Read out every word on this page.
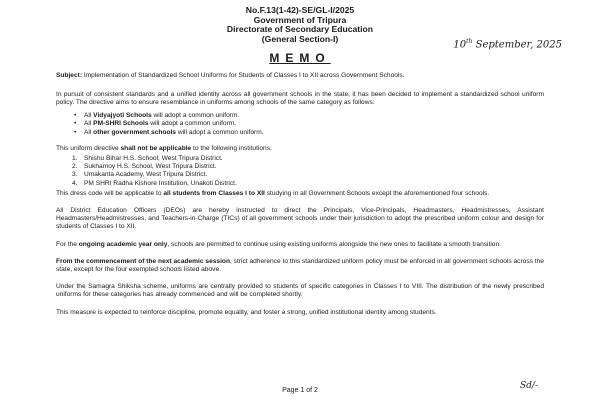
No.F.13(1-42)-SE/GL-I/2025
Government of Tripura
Directorate of Secondary Education
(General Section-I)
10th September, 2025
MEMO
Subject: Implementation of Standardized School Uniforms for Students of Classes I to XII across Government Schools.

In pursuit of consistent standards and a unified identity across all government schools in the state, it has been decided to implement a standardized school uniform policy. The directive aims to ensure resemblance in uniforms among schools of the same category as follows:

• All Vidyajyoti Schools will adopt a common uniform.
• All PM-SHRI Schools will adopt a common uniform.
• All other government schools will adopt a common uniform.

This uniform directive shall not be applicable to the following institutions:

1. Shishu Bihar H.S. School, West Tripura District.
2. Sukhamoy H.S. School, West Tripura District.
3. Umakanta Academy, West Tripura District.
4. PM SHRI Radha Kishore Institution, Unakoti District.

This dress code will be applicable to all students from Classes I to XII studying in all Government Schools except the aforementioned four schools.

All District Education Officers (DEOs) are hereby instructed to direct the Principals, Vice-Principals, Headmasters, Headmistresses, Assistant Headmasters/Headmistresses, and Teachers-in-Charge (TICs) of all government schools under their jurisdiction to adopt the prescribed uniform colour and design for students of Classes I to XII.

For the ongoing academic year only, schools are permitted to continue using existing uniforms alongside the new ones to facilitate a smooth transition.

From the commencement of the next academic session, strict adherence to this standardized uniform policy must be enforced in all government schools across the state, except for the four exempted schools listed above.

Under the Samagra Shiksha scheme, uniforms are centrally provided to students of specific categories in Classes I to VIII. The distribution of the newly prescribed uniforms for these categories has already commenced and will be completed shortly.

This measure is expected to reinforce discipline, promote equality, and foster a strong, unified institutional identity among students.

Sd/-
Page 1 of 2
